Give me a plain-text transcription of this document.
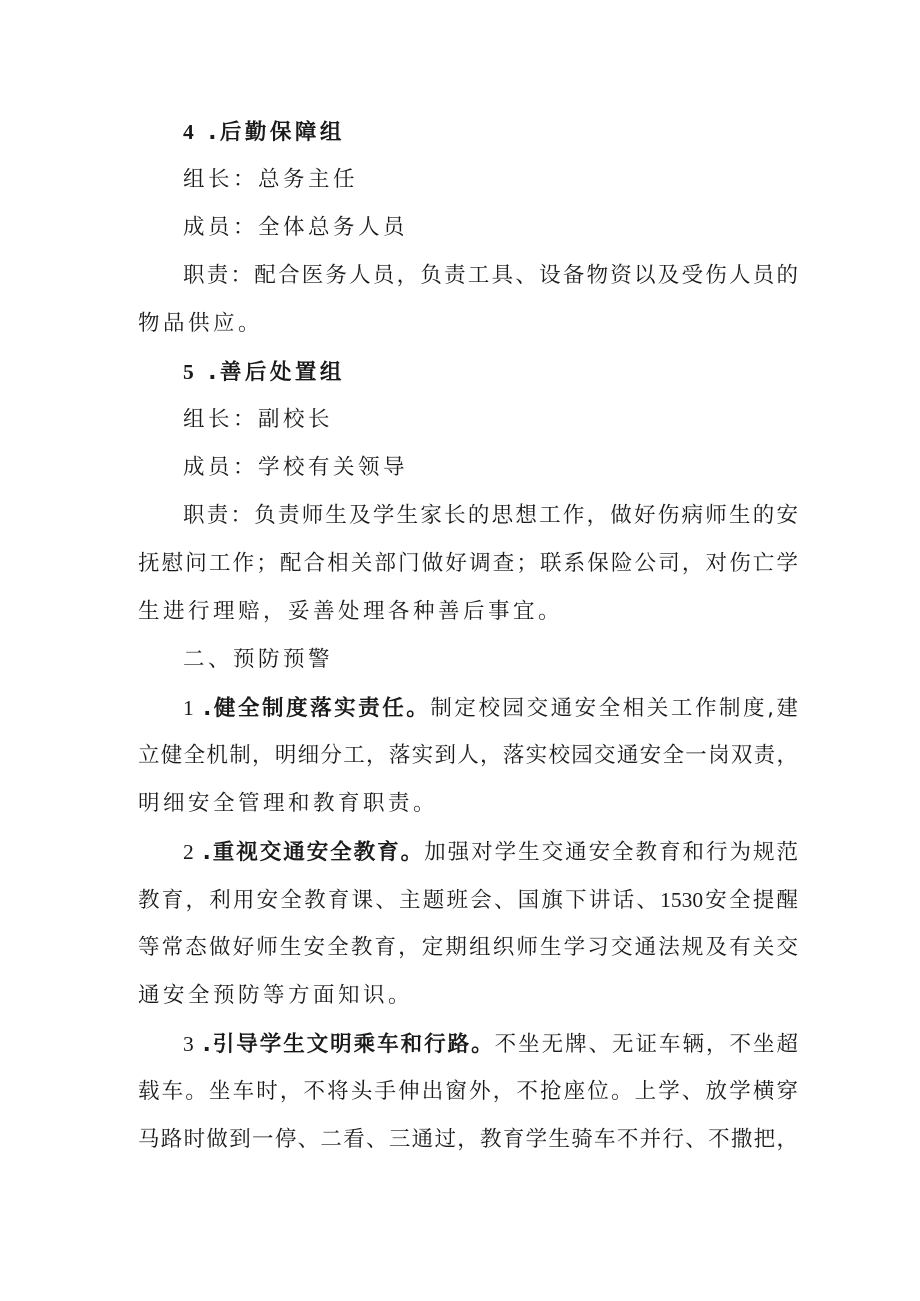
4 .后勤保障组
组长：总务主任
成员：全体总务人员
职责：配合医务人员，负责工具、设备物资以及受伤人员的
物品供应。
5 .善后处置组
组长：副校长
成员：学校有关领导
职责：负责师生及学生家长的思想工作，做好伤病师生的安
抚慰问工作；配合相关部门做好调查；联系保险公司，对伤亡学
生进行理赔，妥善处理各种善后事宜。
二、预防预警
1 .健全制度落实责任。制定校园交通安全相关工作制度,建
立健全机制，明细分工，落实到人，落实校园交通安全一岗双责，
明细安全管理和教育职责。
2 .重视交通安全教育。加强对学生交通安全教育和行为规范
教育，利用安全教育课、主题班会、国旗下讲话、1530安全提醒
等常态做好师生安全教育，定期组织师生学习交通法规及有关交
通安全预防等方面知识。
3 .引导学生文明乘车和行路。不坐无牌、无证车辆，不坐超
载车。坐车时，不将头手伸出窗外，不抢座位。上学、放学横穿
马路时做到一停、二看、三通过，教育学生骑车不并行、不撒把，
